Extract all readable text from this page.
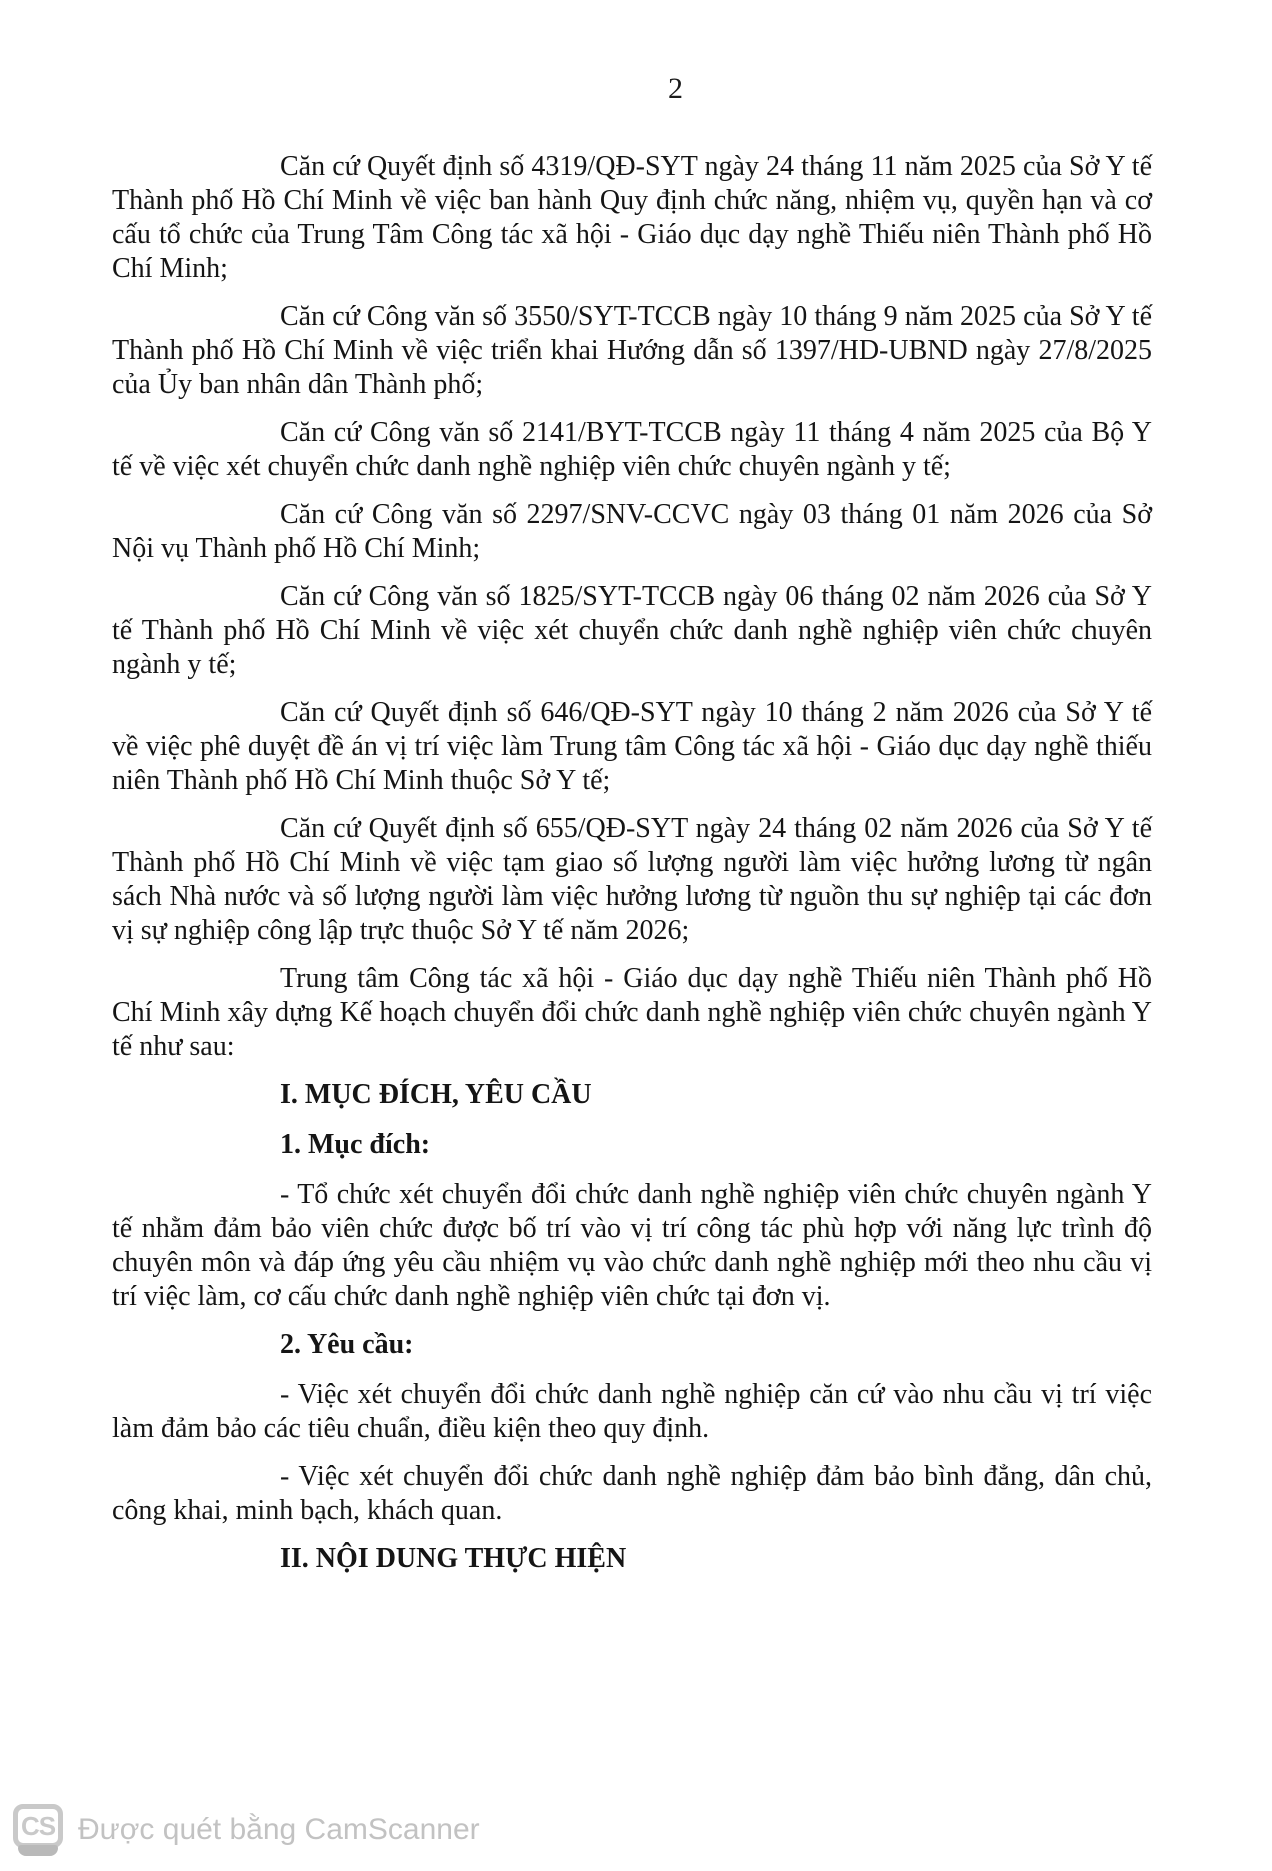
2

Căn cứ Quyết định số 4319/QĐ-SYT ngày 24 tháng 11 năm 2025 của Sở Y tế Thành phố Hồ Chí Minh về việc ban hành Quy định chức năng, nhiệm vụ, quyền hạn và cơ cấu tổ chức của Trung Tâm Công tác xã hội - Giáo dục dạy nghề Thiếu niên Thành phố Hồ Chí Minh;

Căn cứ Công văn số 3550/SYT-TCCB ngày 10 tháng 9 năm 2025 của Sở Y tế Thành phố Hồ Chí Minh về việc triển khai Hướng dẫn số 1397/HD-UBND ngày 27/8/2025 của Ủy ban nhân dân Thành phố;

Căn cứ Công văn số 2141/BYT-TCCB ngày 11 tháng 4 năm 2025 của Bộ Y tế về việc xét chuyển chức danh nghề nghiệp viên chức chuyên ngành y tế;

Căn cứ Công văn số 2297/SNV-CCVC ngày 03 tháng 01 năm 2026 của Sở Nội vụ Thành phố Hồ Chí Minh;

Căn cứ Công văn số 1825/SYT-TCCB ngày 06 tháng 02 năm 2026 của Sở Y tế Thành phố Hồ Chí Minh về việc xét chuyển chức danh nghề nghiệp viên chức chuyên ngành y tế;

Căn cứ Quyết định số 646/QĐ-SYT ngày 10 tháng 2 năm 2026 của Sở Y tế về việc phê duyệt đề án vị trí việc làm Trung tâm Công tác xã hội - Giáo dục dạy nghề thiếu niên Thành phố Hồ Chí Minh thuộc Sở Y tế;

Căn cứ Quyết định số 655/QĐ-SYT ngày 24 tháng 02 năm 2026 của Sở Y tế Thành phố Hồ Chí Minh về việc tạm giao số lượng người làm việc hưởng lương từ ngân sách Nhà nước và số lượng người làm việc hưởng lương từ nguồn thu sự nghiệp tại các đơn vị sự nghiệp công lập trực thuộc Sở Y tế năm 2026;

Trung tâm Công tác xã hội - Giáo dục dạy nghề Thiếu niên Thành phố Hồ Chí Minh xây dựng Kế hoạch chuyển đổi chức danh nghề nghiệp viên chức chuyên ngành Y tế như sau:

I. MỤC ĐÍCH, YÊU CẦU

1. Mục đích:

- Tổ chức xét chuyển đổi chức danh nghề nghiệp viên chức chuyên ngành Y tế nhằm đảm bảo viên chức được bố trí vào vị trí công tác phù hợp với năng lực trình độ chuyên môn và đáp ứng yêu cầu nhiệm vụ vào chức danh nghề nghiệp mới theo nhu cầu vị trí việc làm, cơ cấu chức danh nghề nghiệp viên chức tại đơn vị.

2. Yêu cầu:

- Việc xét chuyển đổi chức danh nghề nghiệp căn cứ vào nhu cầu vị trí việc làm đảm bảo các tiêu chuẩn, điều kiện theo quy định.

- Việc xét chuyển đổi chức danh nghề nghiệp đảm bảo bình đẳng, dân chủ, công khai, minh bạch, khách quan.

II. NỘI DUNG THỰC HIỆN

CS Được quét bằng CamScanner
